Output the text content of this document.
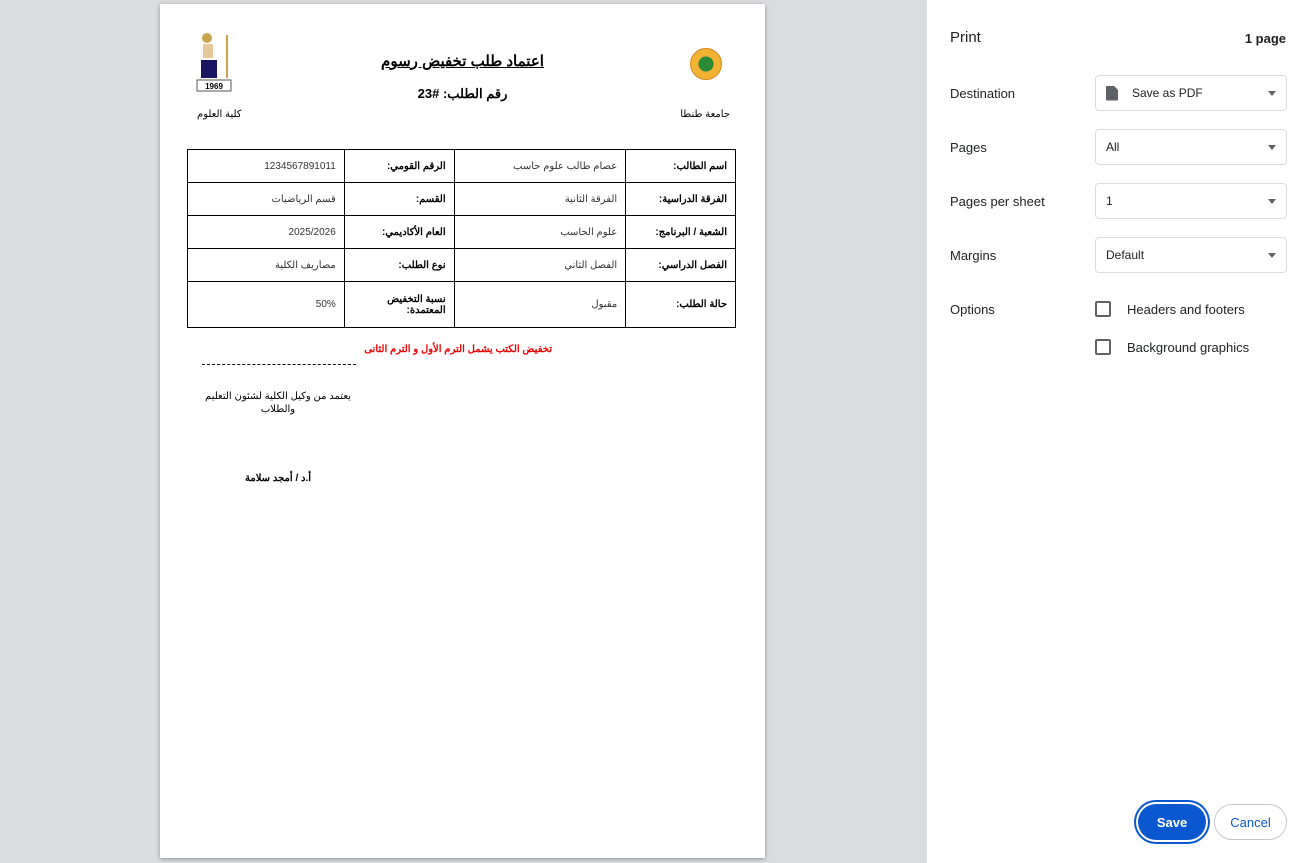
1969
اعتماد طلب تخفيض رسوم
رقم الطلب: #23
جامعة طنطا
كلية العلوم
اسم الطالب:	عصام طالب علوم حاسب	الرقم القومي:	1234567891011
الفرقة الدراسية:	الفرقة الثانية	القسم:	قسم الرياضيات
الشعبة / البرنامج:	علوم الحاسب	العام الأكاديمي:	2025/2026
الفصل الدراسي:	الفصل الثاني	نوع الطلب:	مصاريف الكلية
حالة الطلب:	مقبول	نسبة التخفيض المعتمدة:	50%
تخفيض الكتب يشمل الترم الأول و الترم الثانى
يعتمد من وكيل الكلية لشئون التعليم والطلاب
أ.د / أمجد سلامة
Print	1 page
Destination	Save as PDF
Pages	All
Pages per sheet	1
Margins	Default
Options	Headers and footers
Background graphics
Save	Cancel
